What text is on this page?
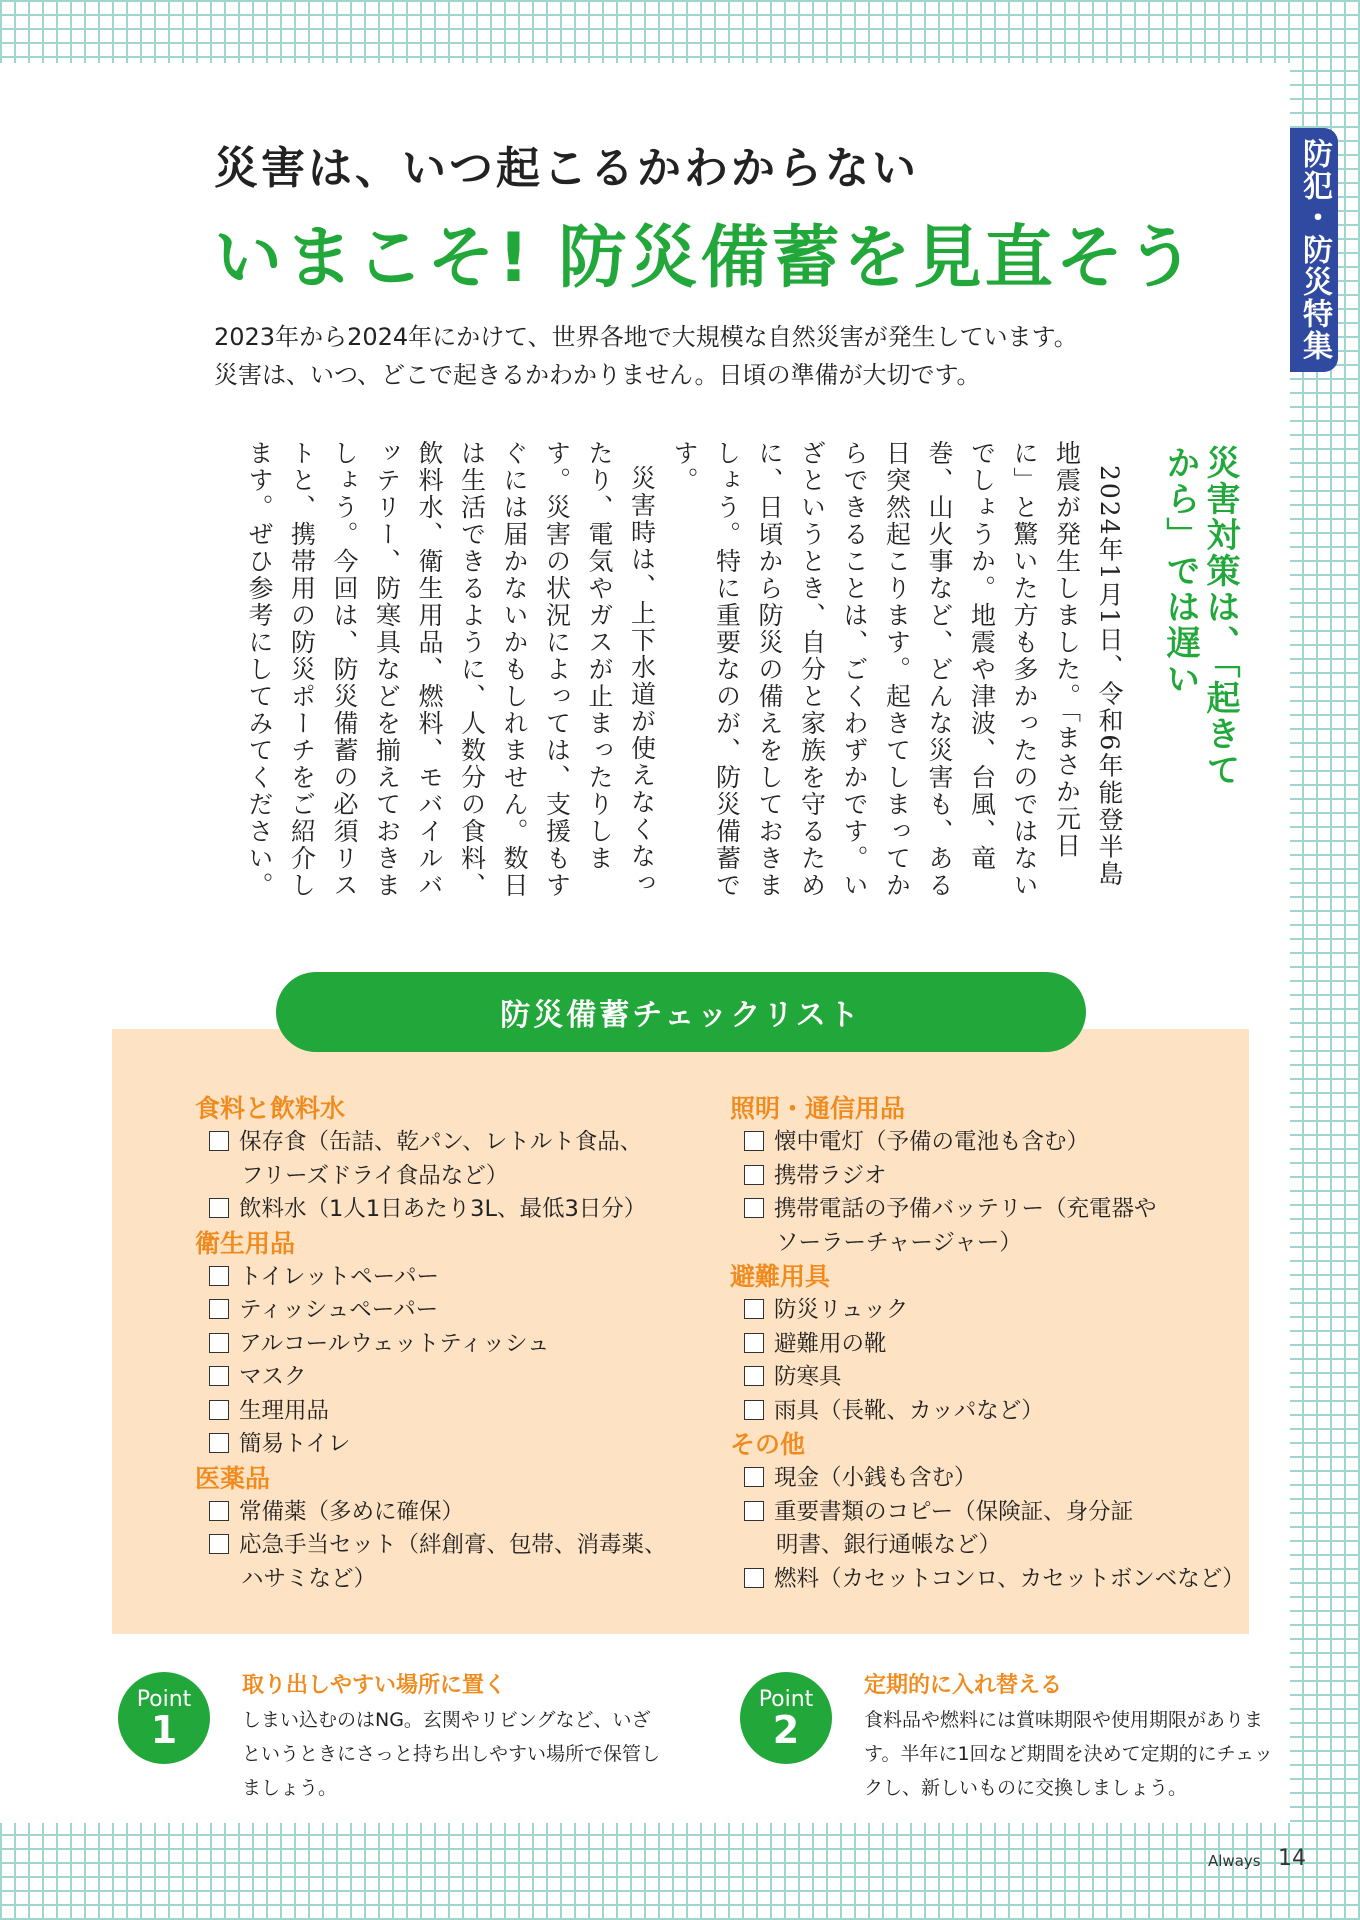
防犯・防災特集
災害は、いつ起こるかわからない
いまこそ! 防災備蓄を見直そう
2023年から2024年にかけて、世界各地で大規模な自然災害が発生しています。
災害は、いつ、どこで起きるかわかりません。日頃の準備が大切です。
災害対策は、「起きてから」では遅い

2024年1月1日、令和6年能登半島地震が発生しました。「まさか元日に」と驚いた方も多かったのではないでしょうか。地震や津波、台風、竜巻、山火事など、どんな災害も、ある日突然起こります。起きてしまってからできることは、ごくわずかです。いざというとき、自分と家族を守るために、日頃から防災の備えをしておきましょう。特に重要なのが、防災備蓄です。

災害時は、上下水道が使えなくなったり、電気やガスが止まったりします。災害の状況によっては、支援もすぐには届かないかもしれません。数日は生活できるように、人数分の食料、飲料水、衛生用品、燃料、モバイルバッテリー、防寒具などを揃えておきましょう。今回は、防災備蓄の必須リストと、携帯用の防災ポーチをご紹介します。ぜひ参考にしてみてください。

防災備蓄チェックリスト

食料と飲料水

保存食（缶詰、乾パン、レトルト食品、
フリーズドライ食品など）

飲料水（1人1日あたり3L、最低3日分）

衛生用品

トイレットペーパー

ティッシュペーパー

アルコールウェットティッシュ

マスク

生理用品

簡易トイレ

医薬品

常備薬（多めに確保）

応急手当セット（絆創膏、包帯、消毒薬、
ハサミなど）

照明・通信用品

懐中電灯（予備の電池も含む）

携帯ラジオ

携帯電話の予備バッテリー（充電器や
ソーラーチャージャー）

避難用具

防災リュック

避難用の靴

防寒具

雨具（長靴、カッパなど）

その他

現金（小銭も含む）

重要書類のコピー（保険証、身分証
明書、銀行通帳など）

燃料（カセットコンロ、カセットボンベなど）

Point
1
取り出しやすい場所に置く
しまい込むのはNG。玄関やリビングなど、いざというときにさっと持ち出しやすい場所で保管しましょう。
Point
2
定期的に入れ替える
食料品や燃料には賞味期限や使用期限があります。半年に1回など期間を決めて定期的にチェックし、新しいものに交換しましょう。
Always 14
